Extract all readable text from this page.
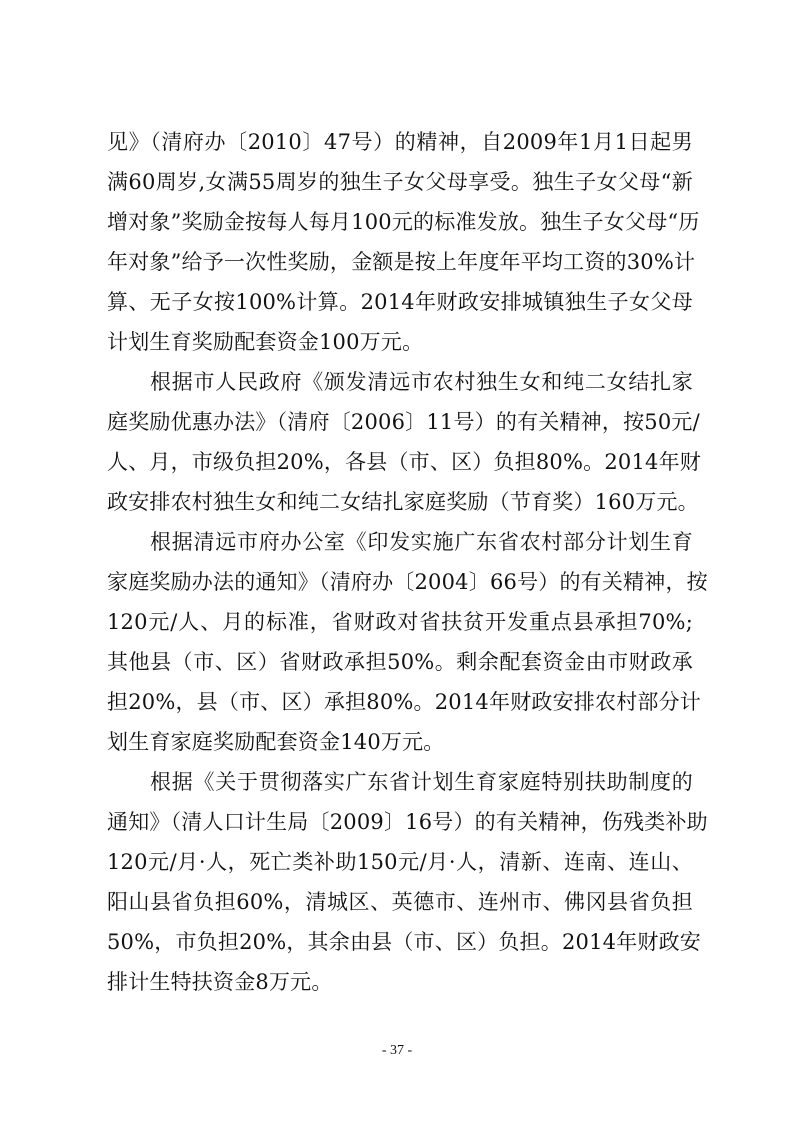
见》（清府办〔2010〕47号）的精神，自2009年1月1日起男
满60周岁,女满55周岁的独生子女父母享受。独生子女父母“新
增对象”奖励金按每人每月100元的标准发放。独生子女父母“历
年对象”给予一次性奖励，金额是按上年度年平均工资的30%计
算、无子女按100%计算。2014年财政安排城镇独生子女父母
计划生育奖励配套资金100万元。
根据市人民政府《颁发清远市农村独生女和纯二女结扎家
庭奖励优惠办法》（清府〔2006〕11号）的有关精神，按50元/
人、月，市级负担20%，各县（市、区）负担80%。2014年财
政安排农村独生女和纯二女结扎家庭奖励（节育奖）160万元。
根据清远市府办公室《印发实施广东省农村部分计划生育
家庭奖励办法的通知》（清府办〔2004〕66号）的有关精神，按
120元/人、月的标准，省财政对省扶贫开发重点县承担70%;
其他县（市、区）省财政承担50%。剩余配套资金由市财政承
担20%，县（市、区）承担80%。2014年财政安排农村部分计
划生育家庭奖励配套资金140万元。
根据《关于贯彻落实广东省计划生育家庭特别扶助制度的
通知》（清人口计生局〔2009〕16号）的有关精神，伤残类补助
120元/月·人，死亡类补助150元/月·人，清新、连南、连山、
阳山县省负担60%，清城区、英德市、连州市、佛冈县省负担
50%，市负担20%，其余由县（市、区）负担。2014年财政安
排计生特扶资金8万元。
- 37 -
